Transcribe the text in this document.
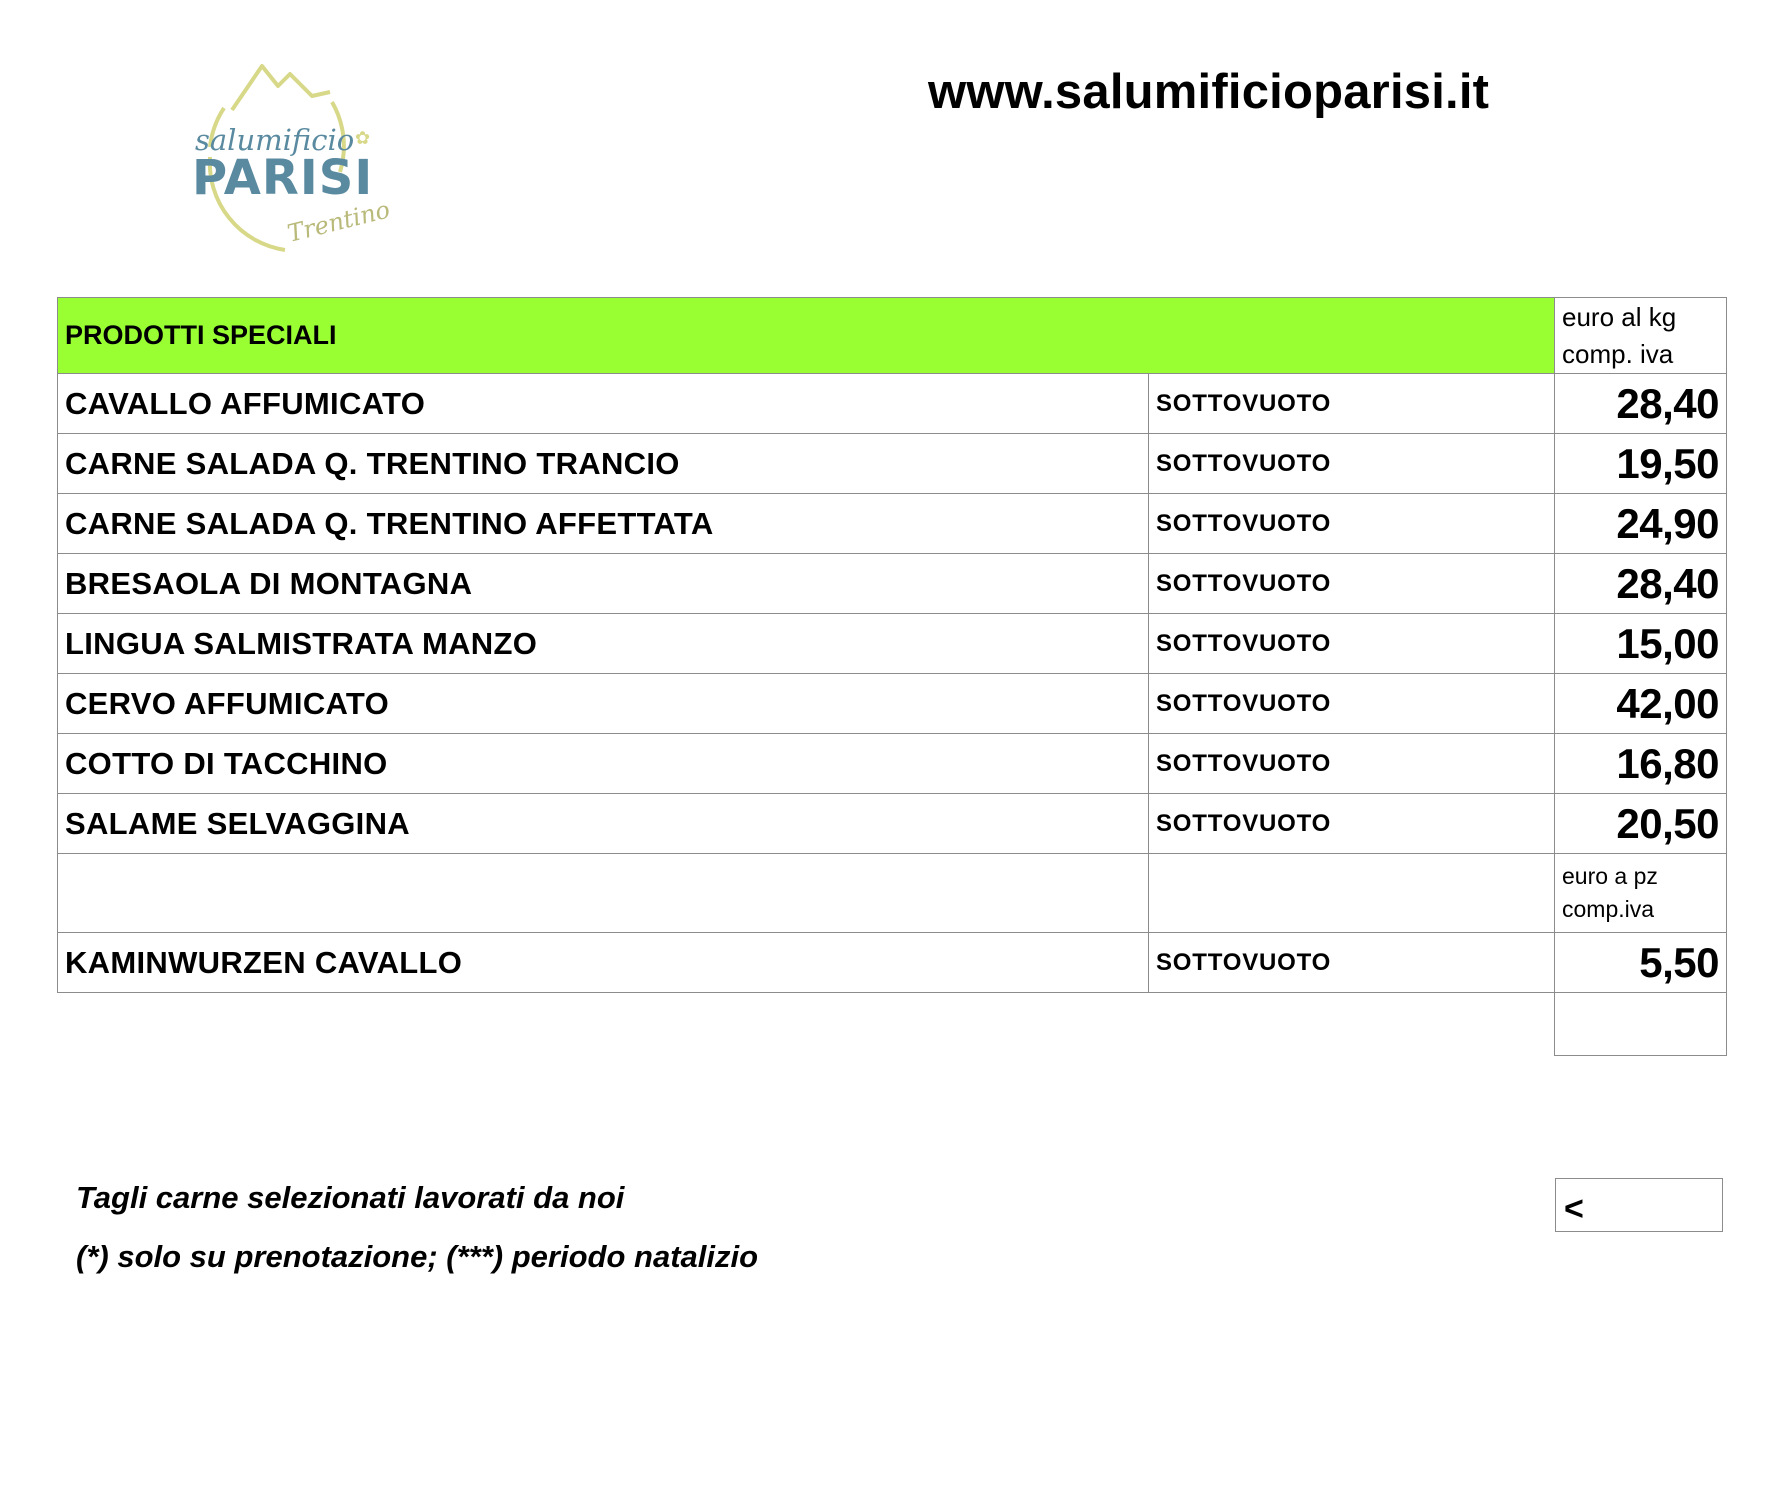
salumificio ✿
PARISI
Trentino
www.salumificioparisi.it
PRODOTTI SPECIALI		euro al kg comp. iva
CAVALLO AFFUMICATO	SOTTOVUOTO	28,40
CARNE SALADA Q. TRENTINO TRANCIO	SOTTOVUOTO	19,50
CARNE SALADA Q. TRENTINO AFFETTATA	SOTTOVUOTO	24,90
BRESAOLA DI MONTAGNA	SOTTOVUOTO	28,40
LINGUA SALMISTRATA MANZO	SOTTOVUOTO	15,00
CERVO AFFUMICATO	SOTTOVUOTO	42,00
COTTO DI TACCHINO	SOTTOVUOTO	16,80
SALAME SELVAGGINA	SOTTOVUOTO	20,50
		euro a pz comp.iva
KAMINWURZEN CAVALLO	SOTTOVUOTO	5,50

Tagli carne selezionati lavorati da noi
(*) solo su prenotazione; (***) periodo natalizio
<
